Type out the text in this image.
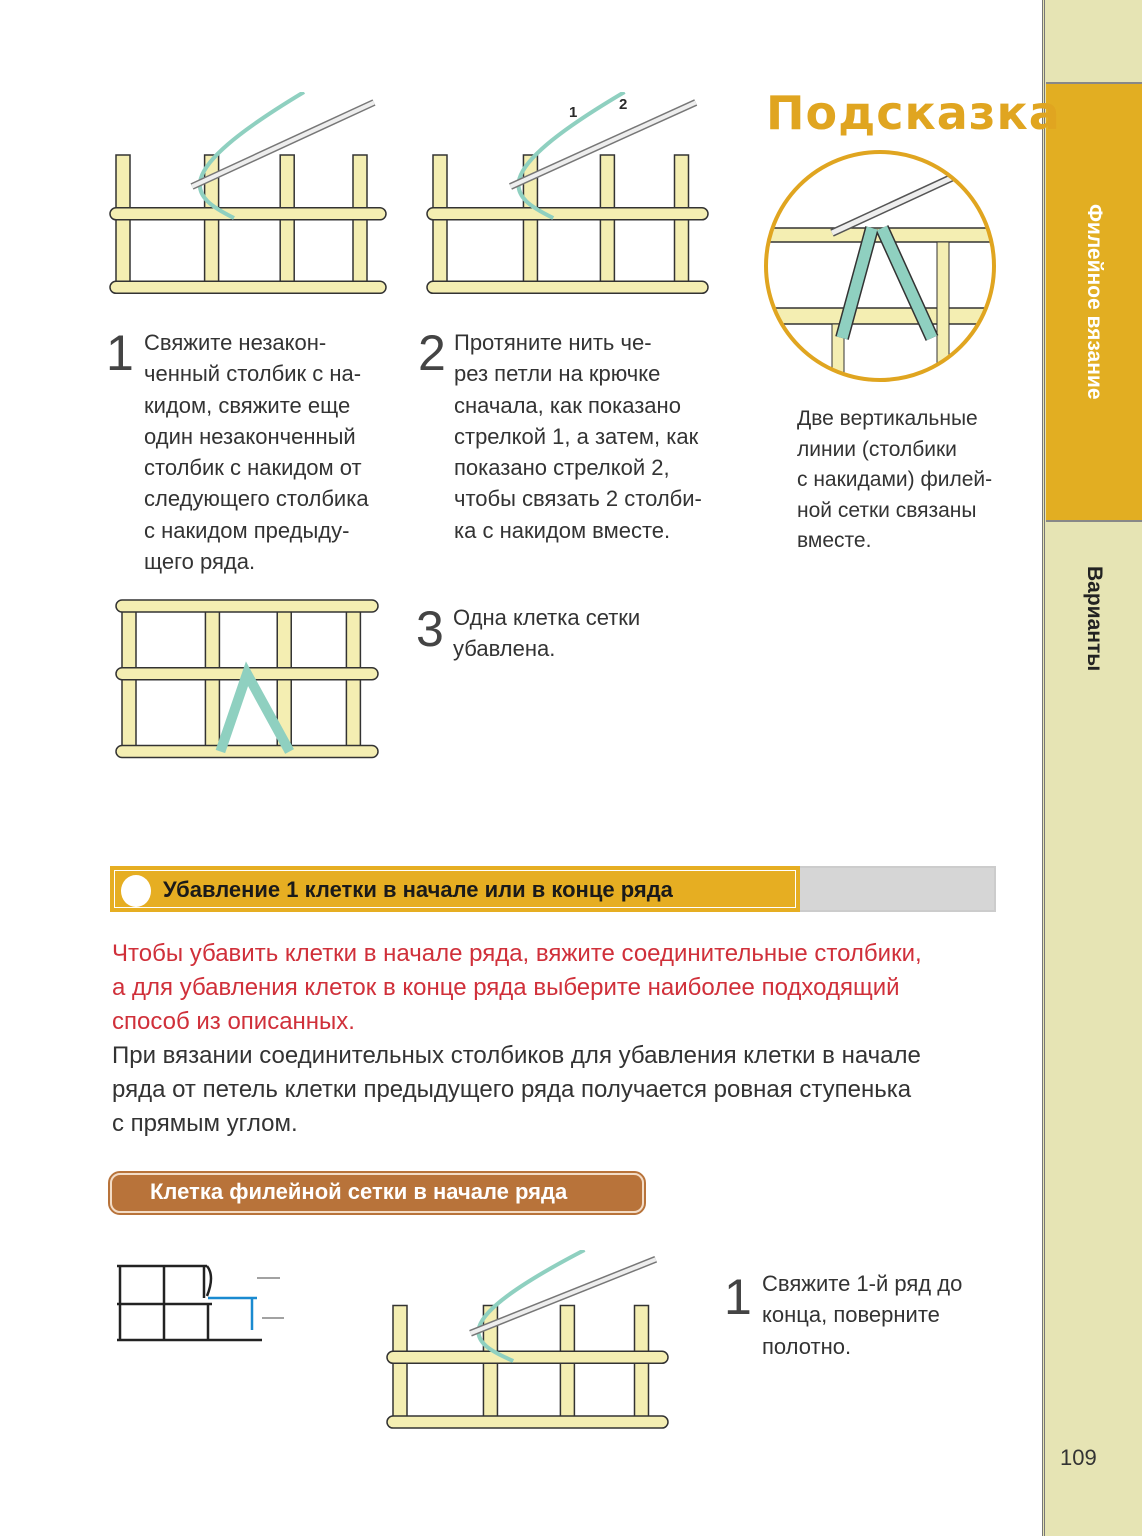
Филейное вязание
Варианты
109
1	2
1 Свяжите незакон-
ченный столбик с на-
кидом, свяжите еще
один незаконченный
столбик с накидом от
следующего столбика
с накидом предыду-
щего ряда.
2 Протяните нить че-
рез петли на крючке
сначала, как показано
стрелкой 1, а затем, как
показано стрелкой 2,
чтобы связать 2 столби-
ка с накидом вместе.
3 Одна клетка сетки
убавлена.
Подсказка
Две вертикальные
линии (столбики
с накидами) филей-
ной сетки связаны
вместе.
Убавление 1 клетки в начале или в конце ряда
Чтобы убавить клетки в начале ряда, вяжите соединительные столбики,
а для убавления клеток в конце ряда выберите наиболее подходящий
способ из описанных.
При вязании соединительных столбиков для убавления клетки в начале
ряда от петель клетки предыдущего ряда получается ровная ступенька
с прямым углом.
Клетка филейной сетки в начале ряда
1 Свяжите 1-й ряд до
конца, поверните
полотно.
